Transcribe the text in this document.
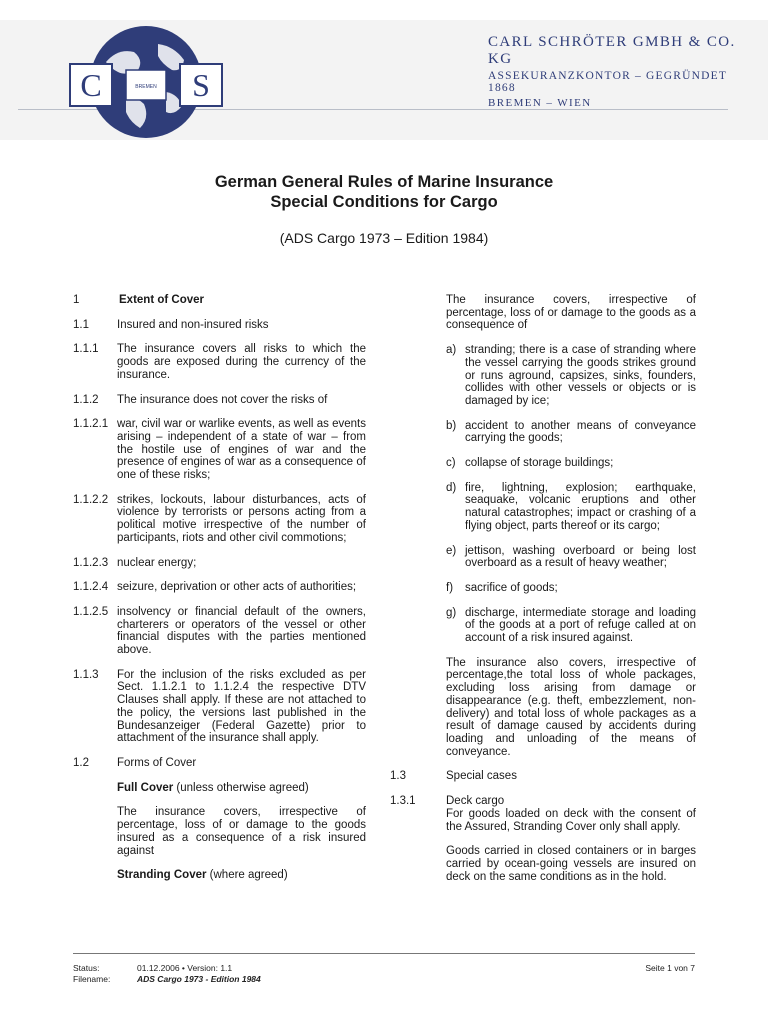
C	S
BREMEN
CARL SCHRÖTER GMBH & CO. KG
ASSEKURANZKONTOR – GEGRÜNDET 1868
BREMEN – WIEN
German General Rules of Marine Insurance
Special Conditions for Cargo
(ADS Cargo 1973 – Edition 1984)
1	Extent of Cover
1.1	Insured and non-insured risks
1.1.1	The insurance covers all risks to which the goods are exposed during the currency of the insurance.
1.1.2	The insurance does not cover the risks of
1.1.2.1 war, civil war or warlike events, as well as events arising – independent of a state of war – from the hostile use of engines of war and the presence of engines of war as a consequence of one of these risks;
1.1.2.2 strikes, lockouts, labour disturbances, acts of violence by terrorists or persons acting from a political motive irrespective of the number of participants, riots and other civil commotions;
1.1.2.3 nuclear energy;
1.1.2.4 seizure, deprivation or other acts of authorities;
1.1.2.5 insolvency or financial default of the owners, charterers or operators of the vessel or other financial disputes with the parties mentioned above.
1.1.3	For the inclusion of the risks excluded as per Sect. 1.1.2.1 to 1.1.2.4 the respective DTV Clauses shall apply. If these are not attached to the policy, the versions last published in the Bundesanzeiger (Federal Gazette) prior to attachment of the insurance shall apply.
1.2	Forms of Cover
Full Cover (unless otherwise agreed)
The insurance covers, irrespective of percentage, loss of or damage to the goods insured as a consequence of a risk insured against
Stranding Cover (where agreed)
The insurance covers, irrespective of percentage, loss of or damage to the goods as a consequence of
a) stranding; there is a case of stranding where the vessel carrying the goods strikes ground or runs aground, capsizes, sinks, founders, collides with other vessels or objects or is damaged by ice;
b) accident to another means of conveyance carrying the goods;
c) collapse of storage buildings;
d) fire, lightning, explosion; earthquake, seaquake, volcanic eruptions and other natural catastrophes; impact or crashing of a flying object, parts thereof or its cargo;
e) jettison, washing overboard or being lost overboard as a result of heavy weather;
f)	sacrifice of goods;
g) discharge, intermediate storage and loading of the goods at a port of refuge called at on account of a risk insured against.
The insurance also covers, irrespective of percentage,the total loss of whole packages, excluding loss arising from damage or disappearance (e.g. theft, embezzlement, non-delivery) and total loss of whole packages as a result of damage caused by accidents during loading and unloading of the means of conveyance.
1.3	Special cases
1.3.1	Deck cargo
For goods loaded on deck with the consent of the Assured, Stranding Cover only shall apply.
Goods carried in closed containers or in barges carried by ocean-going vessels are insured on deck on the same conditions as in the hold.
Status:	01.12.2006 • Version: 1.1
Filename:	ADS Cargo 1973 - Edition 1984
Seite 1 von 7
